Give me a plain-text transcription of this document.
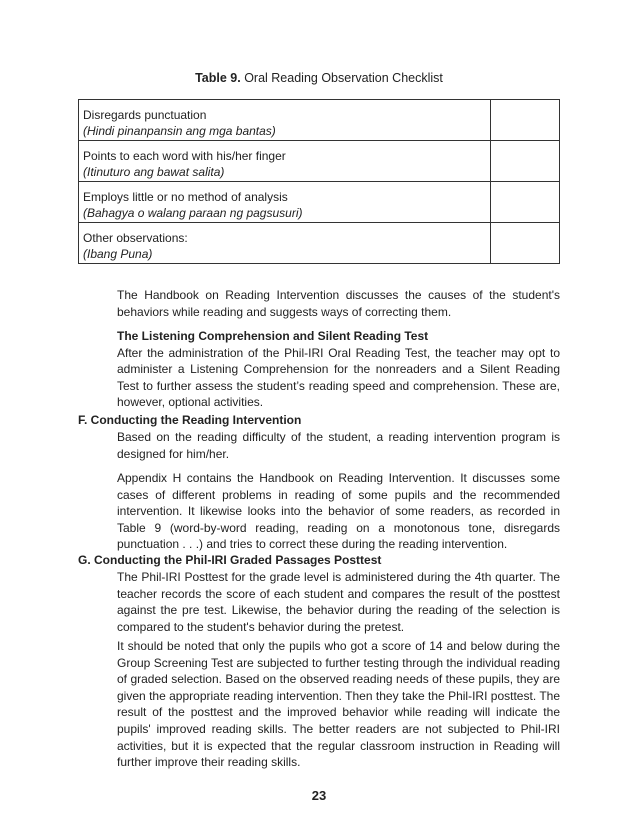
Table 9. Oral Reading Observation Checklist
Disregards punctuation
(Hindi pinanpansin ang mga bantas)	

Points to each word with his/her finger
(Itinuturo ang bawat salita)	

Employs little or no method of analysis
(Bahagya o walang paraan ng pagsusuri)	

Other observations:
(Ibang Puna)	

The Handbook on Reading Intervention discusses the causes of the student's behaviors while reading and suggests ways of correcting them.

The Listening Comprehension and Silent Reading Test
After the administration of the Phil-IRI Oral Reading Test, the teacher may opt to administer a Listening Comprehension for the nonreaders and a Silent Reading Test to further assess the student’s reading speed and comprehension. These are, however, optional activities.

F. Conducting the Reading Intervention

Based on the reading difficulty of the student, a reading intervention program is designed for him/her.

Appendix H contains the Handbook on Reading Intervention. It discusses some cases of different problems in reading of some pupils and the recommended intervention. It likewise looks into the behavior of some readers, as recorded in Table 9 (word-by-word reading, reading on a monotonous tone, disregards punctuation . . .) and tries to correct these during the reading intervention.

G. Conducting the Phil-IRI Graded Passages Posttest

The Phil-IRI Posttest for the grade level is administered during the 4th quarter. The teacher records the score of each student and compares the result of the posttest against the pre test. Likewise, the behavior during the reading of the selection is compared to the student's behavior during the pretest.

It should be noted that only the pupils who got a score of 14 and below during the Group Screening Test are subjected to further testing through the individual reading of graded selection. Based on the observed reading needs of these pupils, they are given the appropriate reading intervention. Then they take the Phil-IRI posttest. The result of the posttest and the improved behavior while reading will indicate the pupils' improved reading skills. The better readers are not subjected to Phil-IRI activities, but it is expected that the regular classroom instruction in Reading will further improve their reading skills.

23
